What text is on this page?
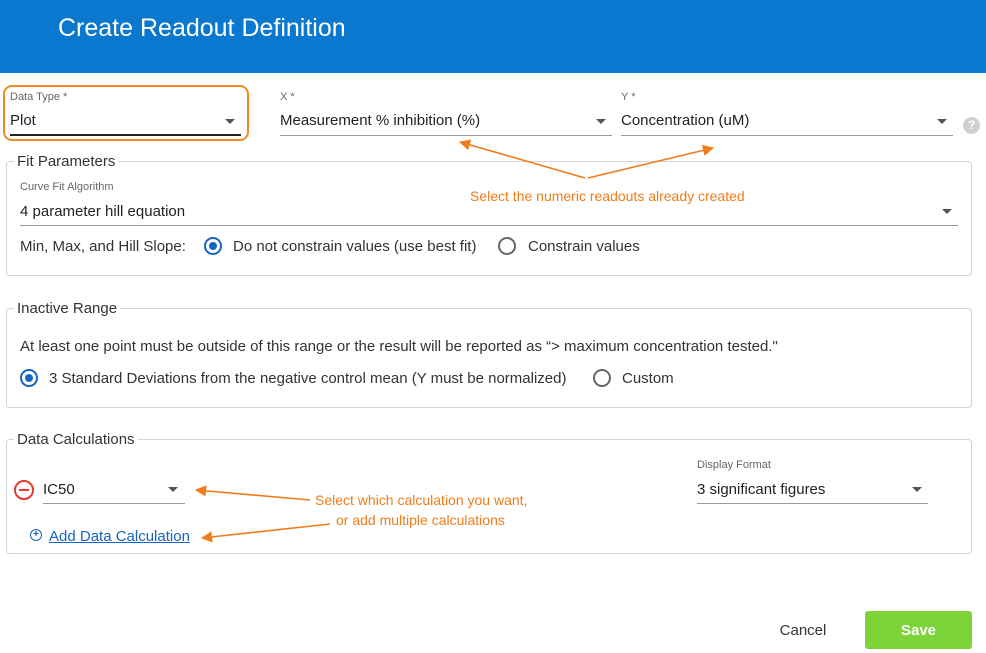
Create Readout Definition
Data Type *
Plot
X *
Measurement % inhibition (%)
Y *
Concentration (uM)	?
Fit Parameters
Curve Fit Algorithm
4 parameter hill equation
Min, Max, and Hill Slope:	Do not constrain values (use best fit)	Constrain values
Inactive Range
At least one point must be outside of this range or the result will be reported as “> maximum concentration tested."
3 Standard Deviations from the negative control mean (Y must be normalized)	Custom
Data Calculations
IC50
Display Format
3 significant figures
+ Add Data Calculation
Select the numeric readouts already created
Select which calculation you want,
or add multiple calculations
Cancel	Save
